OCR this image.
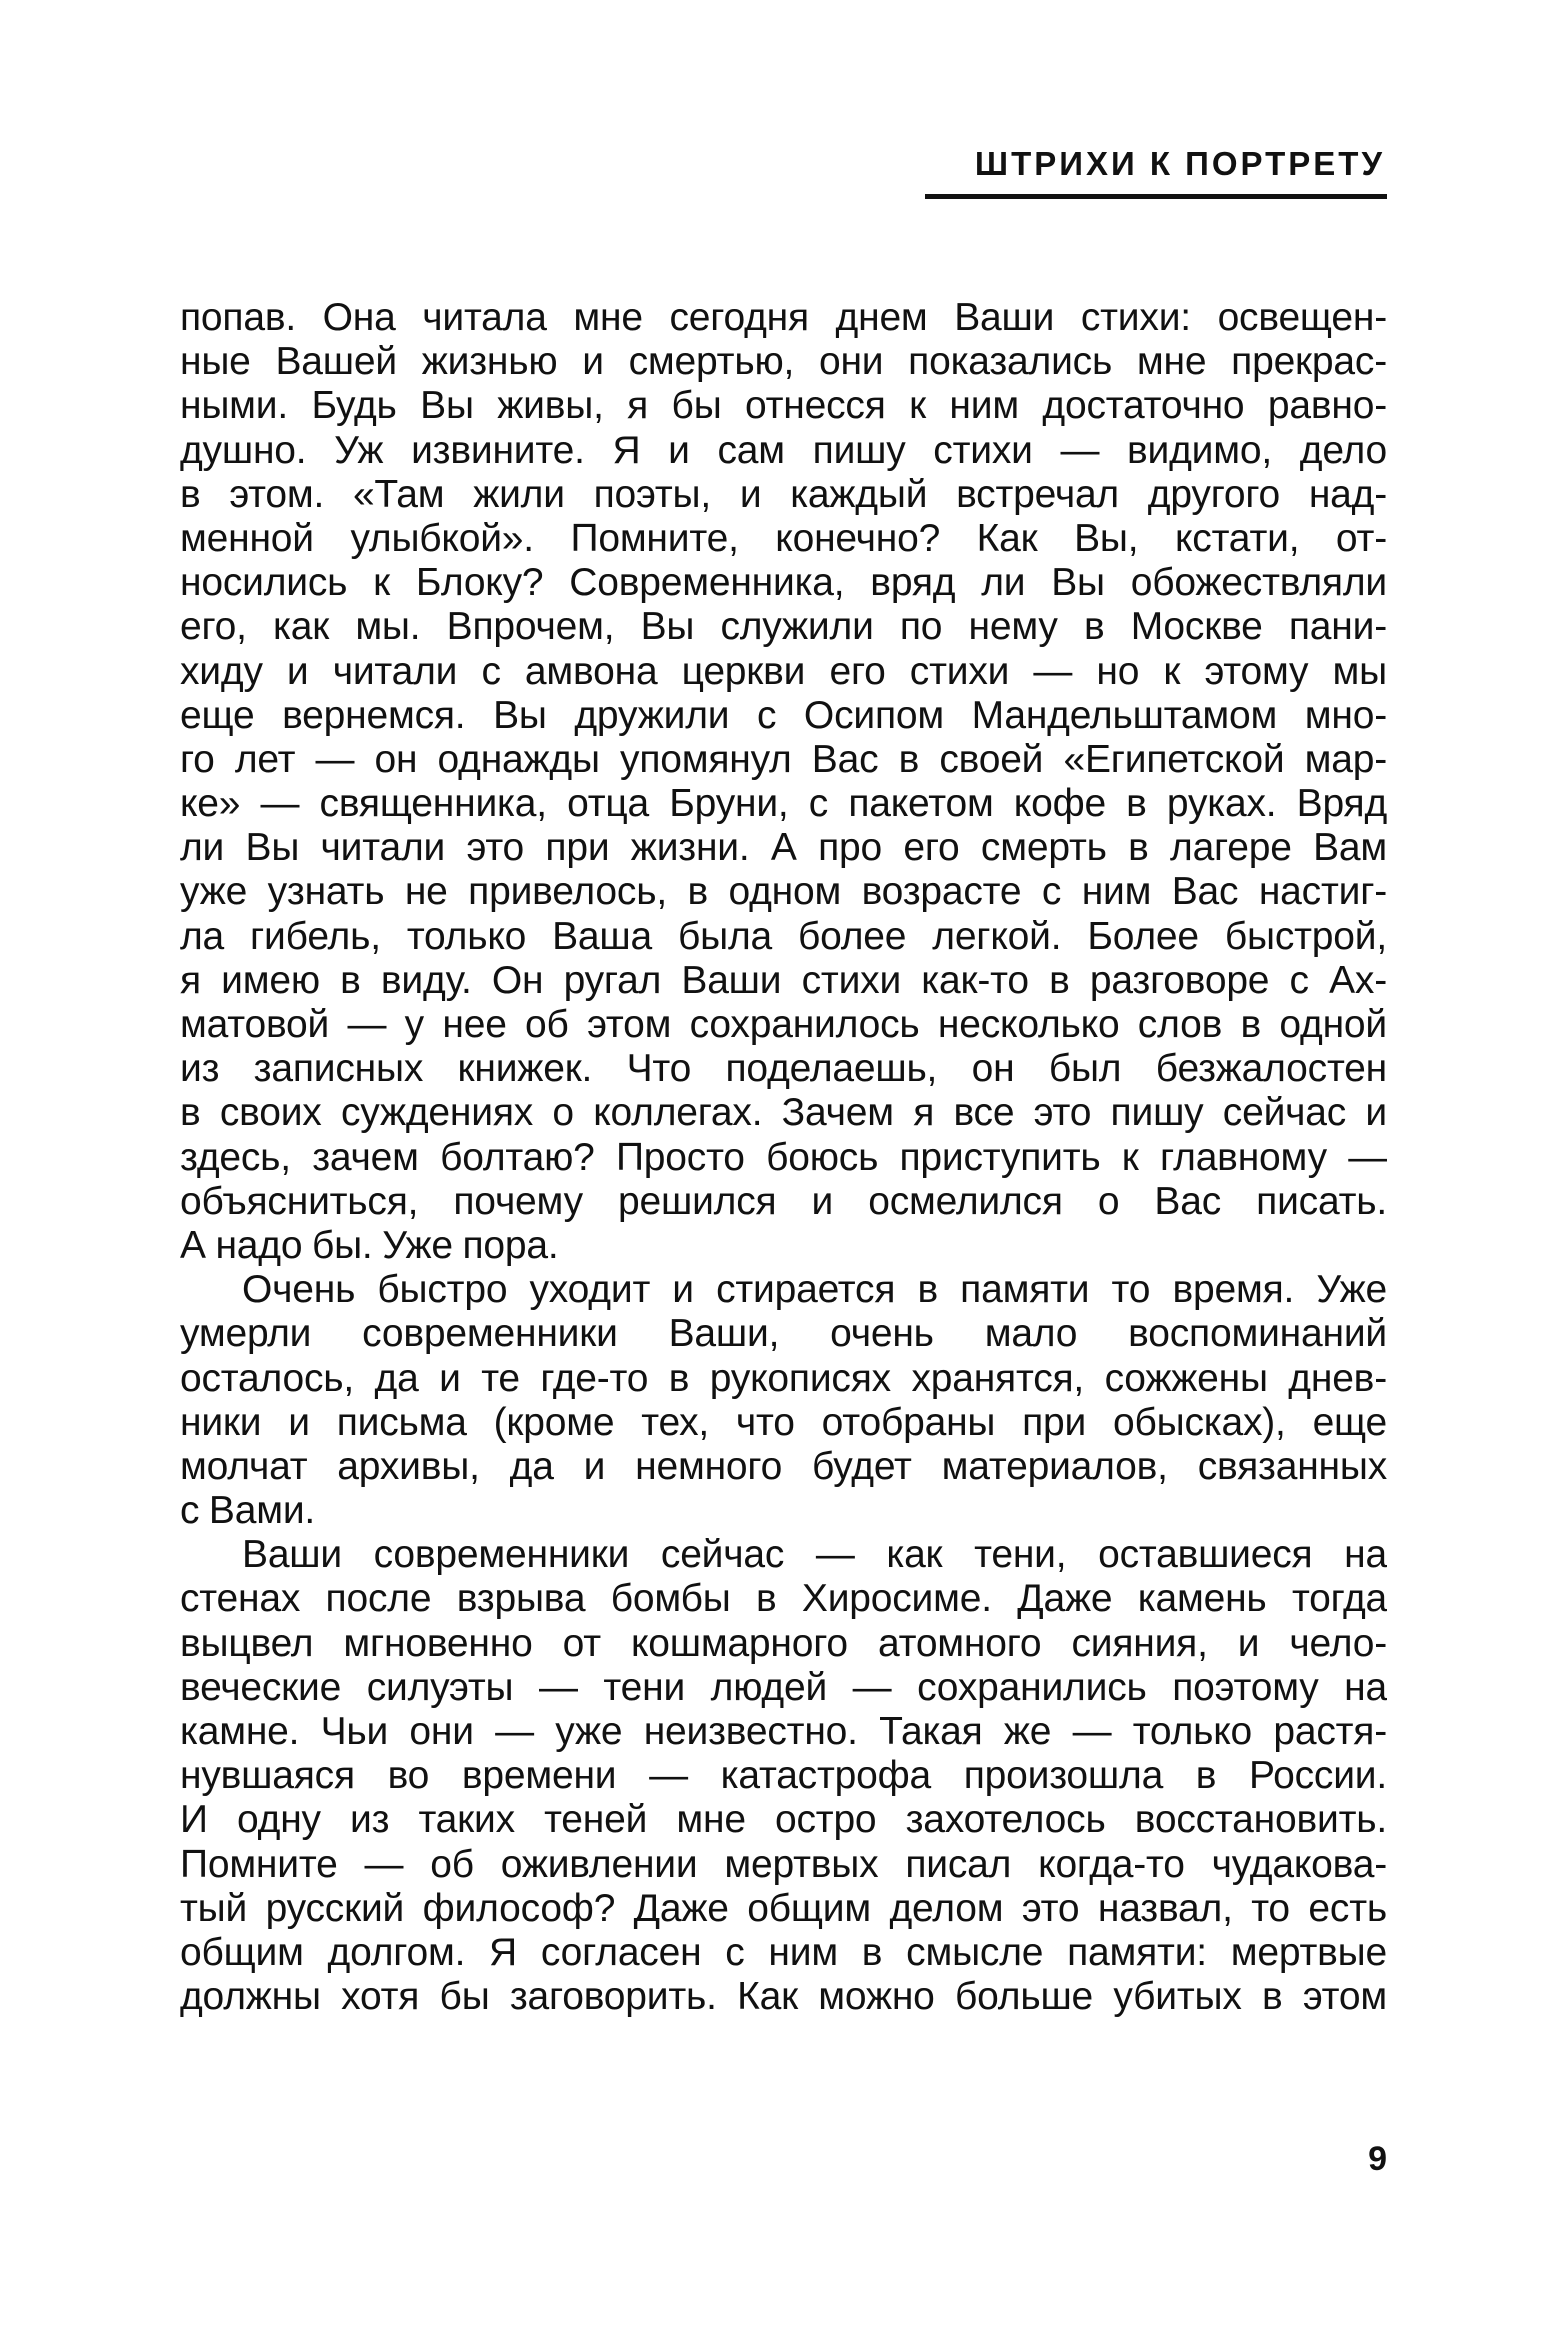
ШТРИХИ К ПОРТРЕТУ
попав. Она читала мне сегодня днем Ваши стихи: освещен-
ные Вашей жизнью и смертью, они показались мне прекрас-
ными. Будь Вы живы, я бы отнесся к ним достаточно равно-
душно. Уж извините. Я и сам пишу стихи — видимо, дело
в этом. «Там жили поэты, и каждый встречал другого над-
менной улыбкой». Помните, конечно? Как Вы, кстати, от-
носились к Блоку? Современника, вряд ли Вы обожествляли
его, как мы. Впрочем, Вы служили по нему в Москве пани-
хиду и читали с амвона церкви его стихи — но к этому мы
еще вернемся. Вы дружили с Осипом Мандельштамом мно-
го лет — он однажды упомянул Вас в своей «Египетской мар-
ке» — священника, отца Бруни, с пакетом кофе в руках. Вряд
ли Вы читали это при жизни. А про его смерть в лагере Вам
уже узнать не привелось, в одном возрасте с ним Вас настиг-
ла гибель, только Ваша была более легкой. Более быстрой,
я имею в виду. Он ругал Ваши стихи как-то в разговоре с Ах-
матовой — у нее об этом сохранилось несколько слов в одной
из записных книжек. Что поделаешь, он был безжалостен
в своих суждениях о коллегах. Зачем я все это пишу сейчас и
здесь, зачем болтаю? Просто боюсь приступить к главному —
объясниться, почему решился и осмелился о Вас писать.
А надо бы. Уже пора.
Очень быстро уходит и стирается в памяти то время. Уже
умерли современники Ваши, очень мало воспоминаний
осталось, да и те где-то в рукописях хранятся, сожжены днев-
ники и письма (кроме тех, что отобраны при обысках), еще
молчат архивы, да и немного будет материалов, связанных
с Вами.
Ваши современники сейчас — как тени, оставшиеся на
стенах после взрыва бомбы в Хиросиме. Даже камень тогда
выцвел мгновенно от кошмарного атомного сияния, и чело-
веческие силуэты — тени людей — сохранились поэтому на
камне. Чьи они — уже неизвестно. Такая же — только растя-
нувшаяся во времени — катастрофа произошла в России.
И одну из таких теней мне остро захотелось восстановить.
Помните — об оживлении мертвых писал когда-то чудакова-
тый русский философ? Даже общим делом это назвал, то есть
общим долгом. Я согласен с ним в смысле памяти: мертвые
должны хотя бы заговорить. Как можно больше убитых в этом
9
